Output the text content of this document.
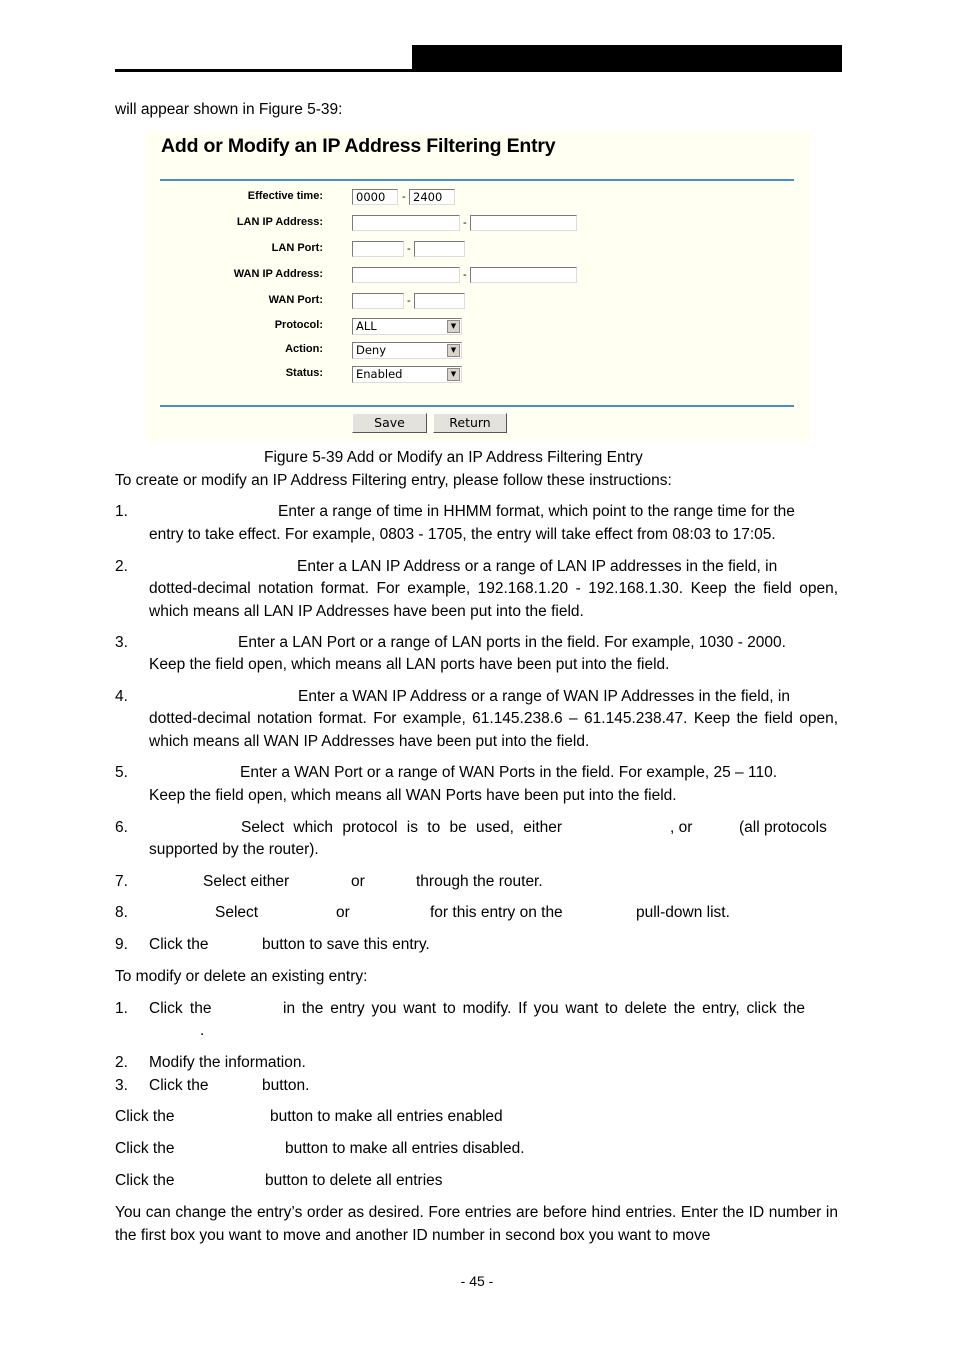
will appear shown in Figure 5-39:
Add or Modify an IP Address Filtering Entry
Effective time:	0000	- 2400
LAN IP Address:	-
LAN Port:	-
WAN IP Address:	-
WAN Port:	-
Protocol:	ALL	▼
Action:	Deny	▼
Status:	Enabled	▼
Save	Return
Figure 5-39 Add or Modify an IP Address Filtering Entry
To create or modify an IP Address Filtering entry, please follow these instructions:
1.	Enter a range of time in HHMM format, which point to the range time for the
entry to take effect. For example, 0803 - 1705, the entry will take effect from 08:03 to 17:05.
2.	Enter a LAN IP Address or a range of LAN IP addresses in the field, in
dotted-decimal notation format. For example, 192.168.1.20 - 192.168.1.30. Keep the field open, which means all LAN IP Addresses have been put into the field.
3.	Enter a LAN Port or a range of LAN ports in the field. For example, 1030 - 2000.
Keep the field open, which means all LAN ports have been put into the field.
4.	Enter a WAN IP Address or a range of WAN IP Addresses in the field, in
dotted-decimal notation format. For example, 61.145.238.6 – 61.145.238.47. Keep the field open, which means all WAN IP Addresses have been put into the field.
5.	Enter a WAN Port or a range of WAN Ports in the field. For example, 25 – 110.
Keep the field open, which means all WAN Ports have been put into the field.
6.	Select which protocol is to be used, either	, or	(all protocols
supported by the router).
7.	Select either	or	through the router.
8.	Select	or	for this entry on the	pull-down list.
9. Click the	button to save this entry.
To modify or delete an existing entry:
1. Click the	in the entry you want to modify. If you want to delete the entry, click the
.
2. Modify the information.
3. Click the	button.
Click the	button to make all entries enabled
Click the	button to make all entries disabled.
Click the	button to delete all entries
You can change the entry’s order as desired. Fore entries are before hind entries. Enter the ID number in the first box you want to move and another ID number in second box you want to move
- 45 -
